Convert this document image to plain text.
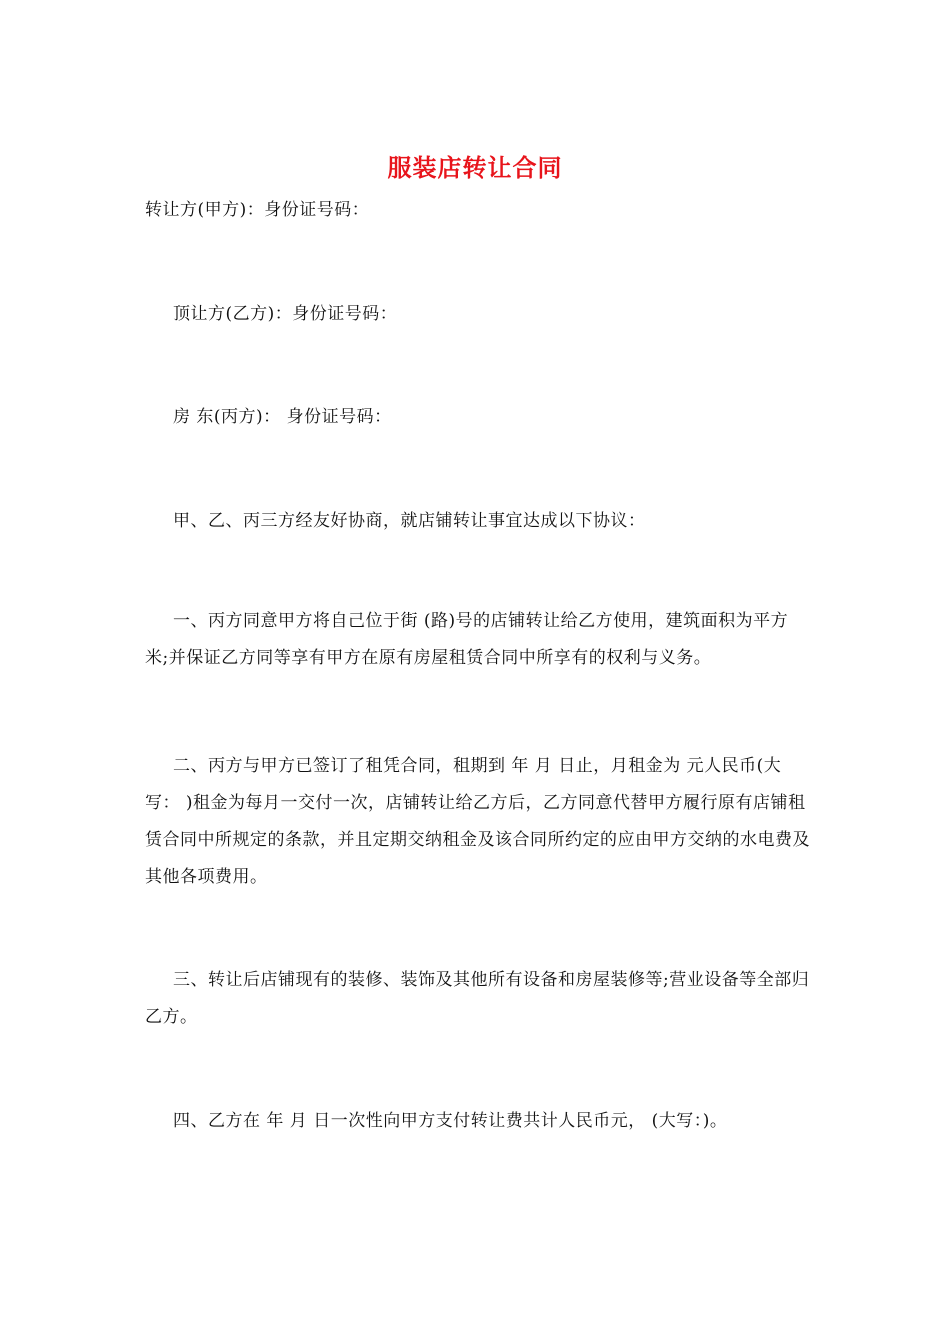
服装店转让合同
转让方(甲方)：身份证号码：
顶让方(乙方)：身份证号码：
房 东(丙方)： 身份证号码：
甲、乙、丙三方经友好协商，就店铺转让事宜达成以下协议：
一、丙方同意甲方将自己位于街 (路)号的店铺转让给乙方使用，建筑面积为平方米;并保证乙方同等享有甲方在原有房屋租赁合同中所享有的权利与义务。
二、丙方与甲方已签订了租凭合同，租期到 年 月 日止，月租金为 元人民币(大写： )租金为每月一交付一次，店铺转让给乙方后，乙方同意代替甲方履行原有店铺租赁合同中所规定的条款，并且定期交纳租金及该合同所约定的应由甲方交纳的水电费及其他各项费用。
三、转让后店铺现有的装修、装饰及其他所有设备和房屋装修等;营业设备等全部归乙方。
四、乙方在 年 月 日一次性向甲方支付转让费共计人民币元， (大写：)。
